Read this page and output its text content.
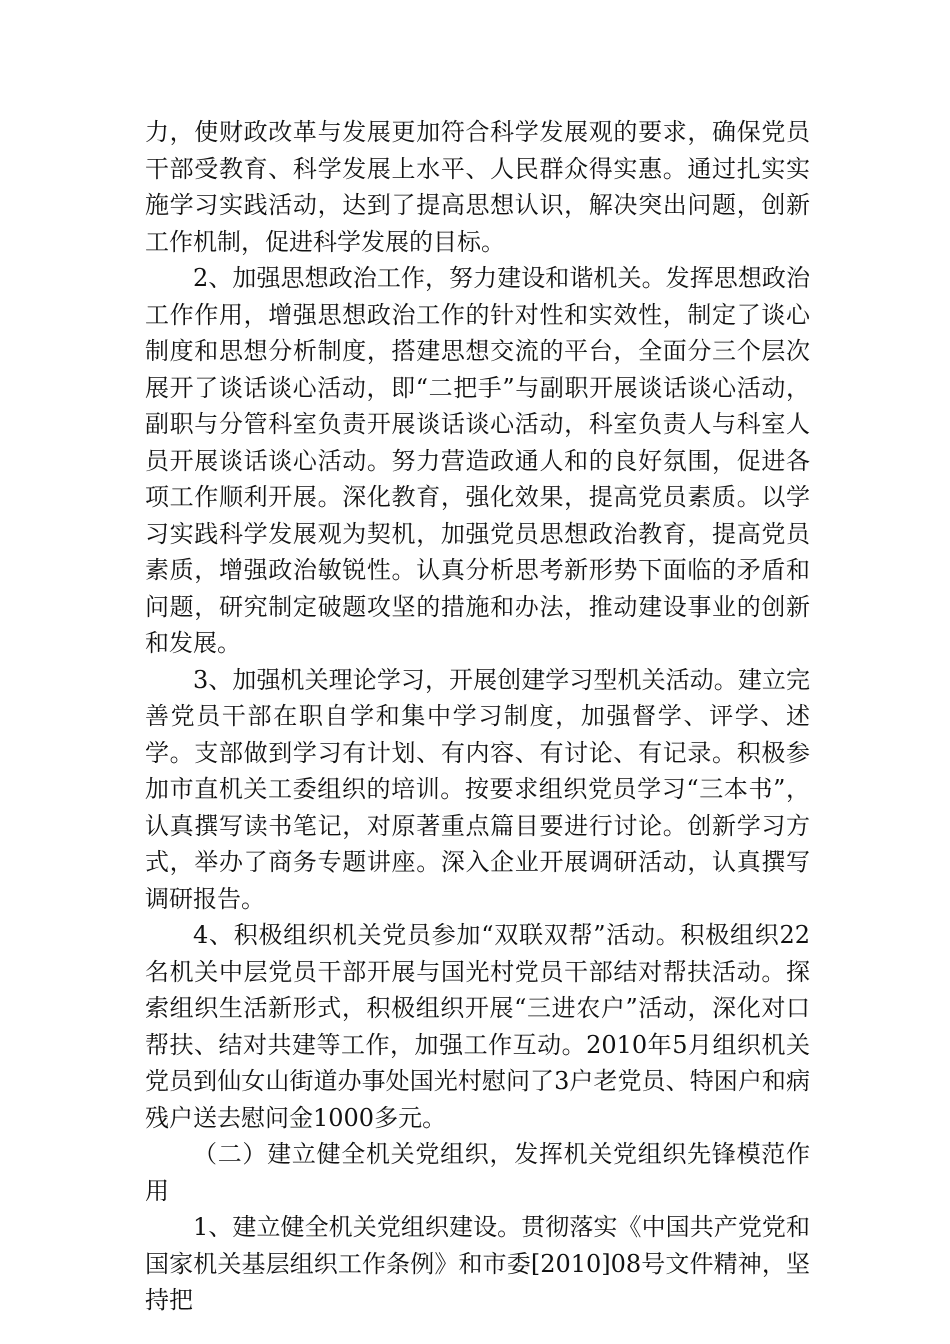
力，使财政改革与发展更加符合科学发展观的要求，确保党员干部受教育、科学发展上水平、人民群众得实惠。通过扎实实施学习实践活动，达到了提高思想认识，解决突出问题，创新工作机制，促进科学发展的目标。

2、加强思想政治工作，努力建设和谐机关。发挥思想政治工作作用，增强思想政治工作的针对性和实效性，制定了谈心制度和思想分析制度，搭建思想交流的平台，全面分三个层次展开了谈话谈心活动，即“二把手”与副职开展谈话谈心活动，副职与分管科室负责开展谈话谈心活动，科室负责人与科室人员开展谈话谈心活动。努力营造政通人和的良好氛围，促进各项工作顺利开展。深化教育，强化效果，提高党员素质。以学习实践科学发展观为契机，加强党员思想政治教育，提高党员素质，增强政治敏锐性。认真分析思考新形势下面临的矛盾和问题，研究制定破题攻坚的措施和办法，推动建设事业的创新和发展。

3、加强机关理论学习，开展创建学习型机关活动。建立完善党员干部在职自学和集中学习制度，加强督学、评学、述学。支部做到学习有计划、有内容、有讨论、有记录。积极参加市直机关工委组织的培训。按要求组织党员学习“三本书”，认真撰写读书笔记，对原著重点篇目要进行讨论。创新学习方式，举办了商务专题讲座。深入企业开展调研活动，认真撰写调研报告。

4、积极组织机关党员参加“双联双帮”活动。积极组织22名机关中层党员干部开展与国光村党员干部结对帮扶活动。探索组织生活新形式，积极组织开展“三进农户”活动，深化对口帮扶、结对共建等工作，加强工作互动。2010年5月组织机关党员到仙女山街道办事处国光村慰问了3户老党员、特困户和病残户送去慰问金1000多元。

（二）建立健全机关党组织，发挥机关党组织先锋模范作用

1、建立健全机关党组织建设。贯彻落实《中国共产党党和国家机关基层组织工作条例》和市委[2010]08号文件精神，坚持把
